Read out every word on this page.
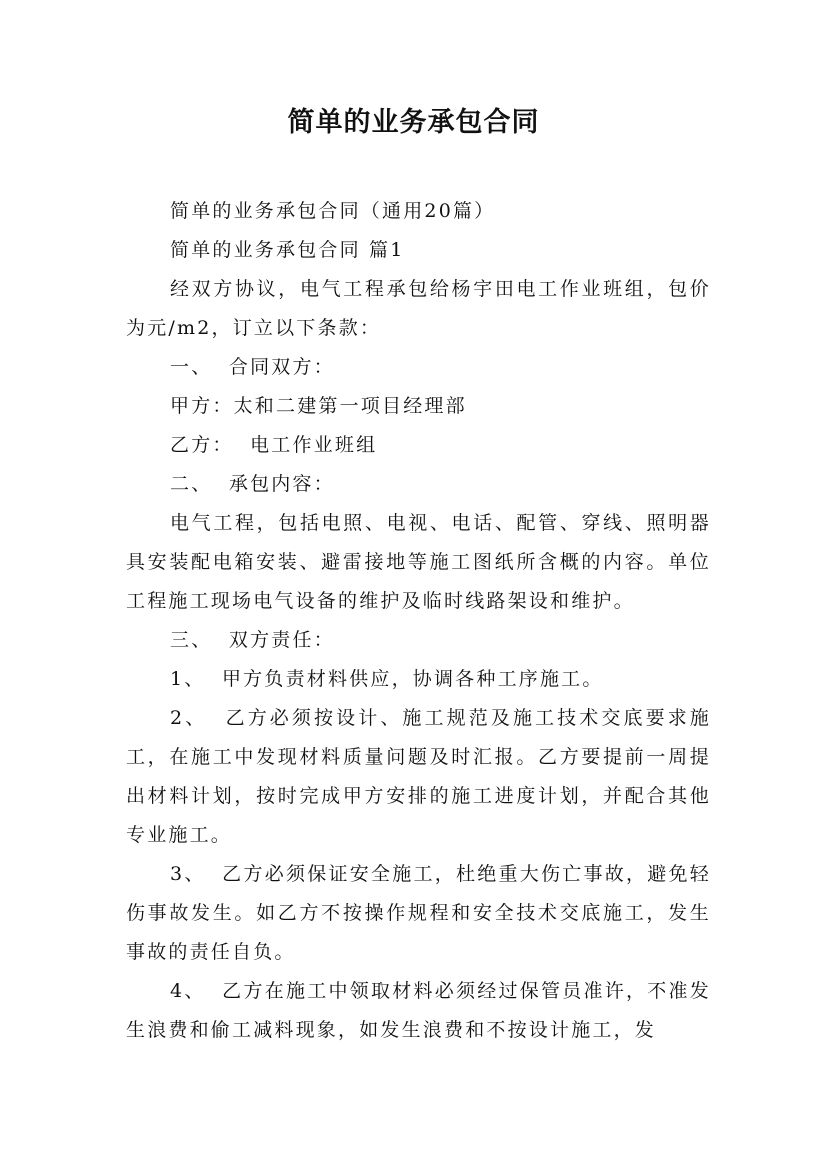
简单的业务承包合同

简单的业务承包合同（通用20篇）

简单的业务承包合同 篇1

经双方协议，电气工程承包给杨宇田电工作业班组，包价为元/m2，订立以下条款：

一、  合同双方：

甲方：太和二建第一项目经理部

乙方：  电工作业班组

二、  承包内容：

电气工程，包括电照、电视、电话、配管、穿线、照明器具安装配电箱安装、避雷接地等施工图纸所含概的内容。单位工程施工现场电气设备的维护及临时线路架设和维护。

三、  双方责任：

1、  甲方负责材料供应，协调各种工序施工。

2、  乙方必须按设计、施工规范及施工技术交底要求施工，在施工中发现材料质量问题及时汇报。乙方要提前一周提出材料计划，按时完成甲方安排的施工进度计划，并配合其他专业施工。

3、  乙方必须保证安全施工，杜绝重大伤亡事故，避免轻伤事故发生。如乙方不按操作规程和安全技术交底施工，发生事故的责任自负。

4、  乙方在施工中领取材料必须经过保管员准许，不准发生浪费和偷工减料现象，如发生浪费和不按设计施工，发
